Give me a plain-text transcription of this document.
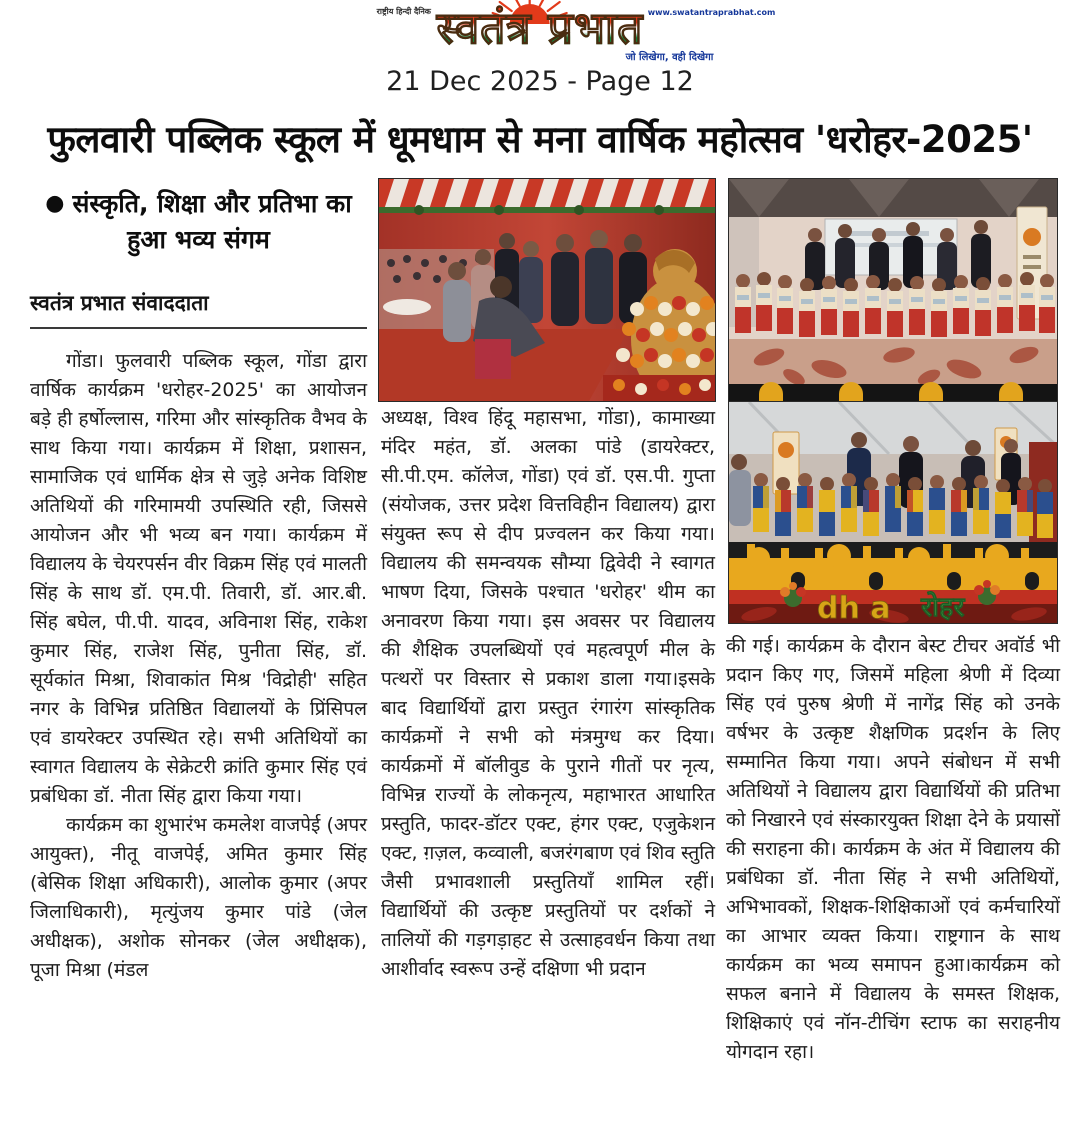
राष्ट्रीय हिन्दी दैनिक	www.swatantraprabhat.com
स्वतंत्र प्रभात
जो लिखेगा, वही दिखेगा
21 Dec 2025 - Page 12
फुलवारी पब्लिक स्कूल में धूमधाम से मना वार्षिक महोत्सव 'धरोहर-2025'
● संस्कृति, शिक्षा और प्रतिभा का हुआ भव्य संगम
स्वतंत्र प्रभात संवाददाता

गोंडा। फुलवारी पब्लिक स्कूल, गोंडा द्वारा वार्षिक कार्यक्रम 'धरोहर-2025' का आयोजन बड़े ही हर्षोल्लास, गरिमा और सांस्कृतिक वैभव के साथ किया गया। कार्यक्रम में शिक्षा, प्रशासन, सामाजिक एवं धार्मिक क्षेत्र से जुड़े अनेक विशिष्ट अतिथियों की गरिमामयी उपस्थिति रही, जिससे आयोजन और भी भव्य बन गया। कार्यक्रम में विद्यालय के चेयरपर्सन वीर विक्रम सिंह एवं मालती सिंह के साथ डॉ. एम.पी. तिवारी, डॉ. आर.बी. सिंह बघेल, पी.पी. यादव, अविनाश सिंह, राकेश कुमार सिंह, राजेश सिंह, पुनीता सिंह, डॉ. सूर्यकांत मिश्रा, शिवाकांत मिश्र 'विद्रोही' सहित नगर के विभिन्न प्रतिष्ठित विद्यालयों के प्रिंसिपल एवं डायरेक्टर उपस्थित रहे। सभी अतिथियों का स्वागत विद्यालय के सेक्रेटरी क्रांति कुमार सिंह एवं प्रबंधिका डॉ. नीता सिंह द्वारा किया गया।

कार्यक्रम का शुभारंभ कमलेश वाजपेई (अपर आयुक्त), नीतू वाजपेई, अमित कुमार सिंह (बेसिक शिक्षा अधिकारी), आलोक कुमार (अपर जिलाधिकारी), मृत्युंजय कुमार पांडे (जेल अधीक्षक), अशोक सोनकर (जेल अधीक्षक), पूजा मिश्रा (मंडल

अध्यक्ष, विश्व हिंदू महासभा, गोंडा), कामाख्या मंदिर महंत, डॉ. अलका पांडे (डायरेक्टर, सी.पी.एम. कॉलेज, गोंडा) एवं डॉ. एस.पी. गुप्ता (संयोजक, उत्तर प्रदेश वित्तविहीन विद्यालय) द्वारा संयुक्त रूप से दीप प्रज्वलन कर किया गया।विद्यालय की समन्वयक सौम्या द्विवेदी ने स्वागत भाषण दिया, जिसके पश्चात 'धरोहर' थीम का अनावरण किया गया। इस अवसर पर विद्यालय की शैक्षिक उपलब्धियों एवं महत्वपूर्ण मील के पत्थरों पर विस्तार से प्रकाश डाला गया।इसके बाद विद्यार्थियों द्वारा प्रस्तुत रंगारंग सांस्कृतिक कार्यक्रमों ने सभी को मंत्रमुग्ध कर दिया। कार्यक्रमों में बॉलीवुड के पुराने गीतों पर नृत्य, विभिन्न राज्यों के लोकनृत्य, महाभारत आधारित प्रस्तुति, फादर-डॉटर एक्ट, हंगर एक्ट, एजुकेशन एक्ट, ग़ज़ल, कव्वाली, बजरंगबाण एवं शिव स्तुति जैसी प्रभावशाली प्रस्तुतियाँ शामिल रहीं। विद्यार्थियों की उत्कृष्ट प्रस्तुतियों पर दर्शकों ने तालियों की गड़गड़ाहट से उत्साहवर्धन किया तथा आशीर्वाद स्वरूप उन्हें दक्षिणा भी प्रदान

dh a रोहर

की गई। कार्यक्रम के दौरान बेस्ट टीचर अवॉर्ड भी प्रदान किए गए, जिसमें महिला श्रेणी में दिव्या सिंह एवं पुरुष श्रेणी में नागेंद्र सिंह को उनके वर्षभर के उत्कृष्ट शैक्षणिक प्रदर्शन के लिए सम्मानित किया गया। अपने संबोधन में सभी अतिथियों ने विद्यालय द्वारा विद्यार्थियों की प्रतिभा को निखारने एवं संस्कारयुक्त शिक्षा देने के प्रयासों की सराहना की। कार्यक्रम के अंत में विद्यालय की प्रबंधिका डॉ. नीता सिंह ने सभी अतिथियों, अभिभावकों, शिक्षक-शिक्षिकाओं एवं कर्मचारियों का आभार व्यक्त किया। राष्ट्रगान के साथ कार्यक्रम का भव्य समापन हुआ।कार्यक्रम को सफल बनाने में विद्यालय के समस्त शिक्षक, शिक्षिकाएं एवं नॉन-टीचिंग स्टाफ का सराहनीय योगदान रहा।
